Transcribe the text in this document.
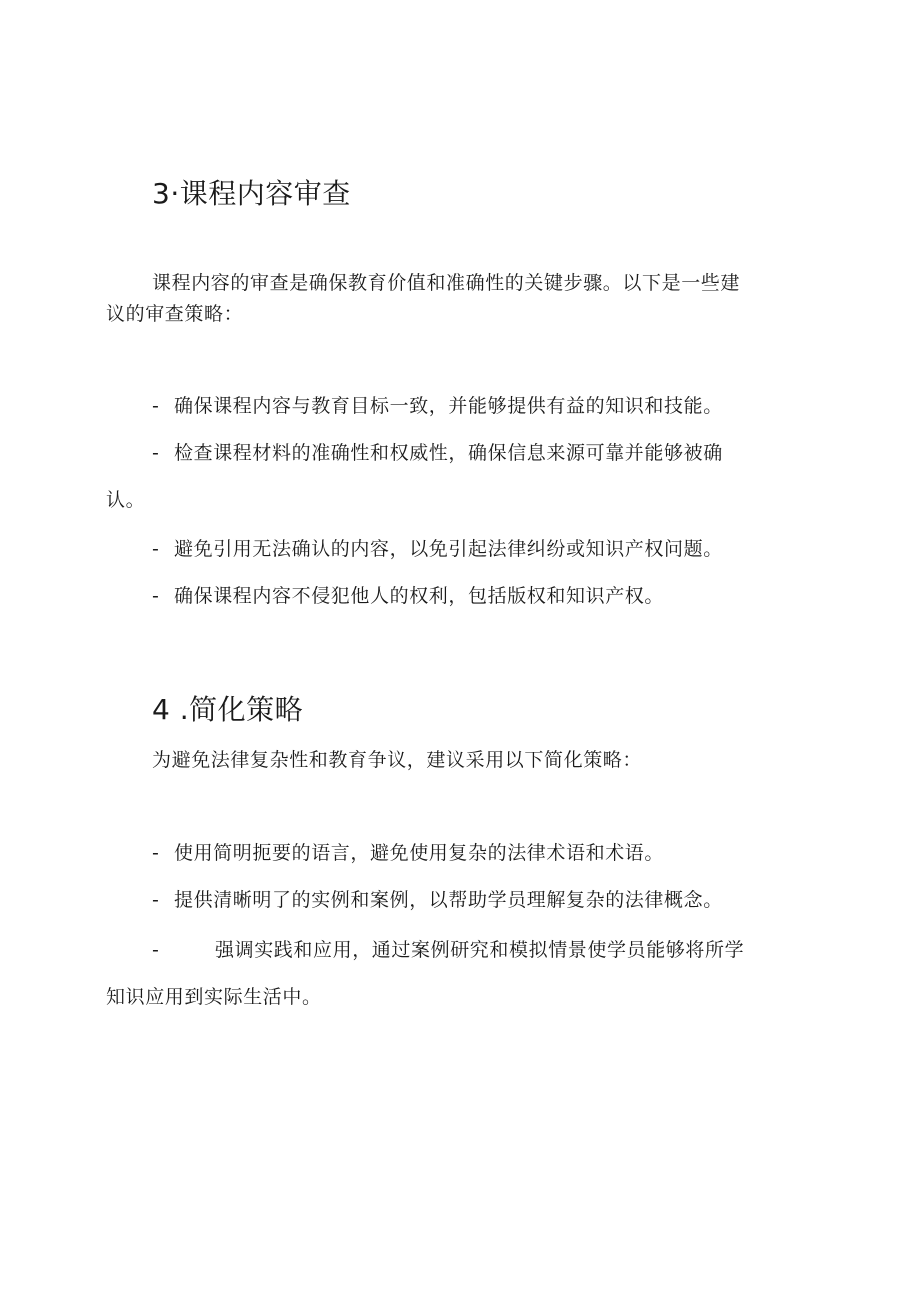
3·课程内容审查

课程内容的审查是确保教育价值和准确性的关键步骤。以下是一些建

议的审查策略：

- 确保课程内容与教育目标一致，并能够提供有益的知识和技能。

- 检查课程材料的准确性和权威性，确保信息来源可靠并能够被确

认。

- 避免引用无法确认的内容，以免引起法律纠纷或知识产权问题。

- 确保课程内容不侵犯他人的权利，包括版权和知识产权。

4 .简化策略

为避免法律复杂性和教育争议，建议采用以下简化策略：

- 使用简明扼要的语言，避免使用复杂的法律术语和术语。

- 提供清晰明了的实例和案例，以帮助学员理解复杂的法律概念。

-	强调实践和应用，通过案例研究和模拟情景使学员能够将所学

知识应用到实际生活中。
